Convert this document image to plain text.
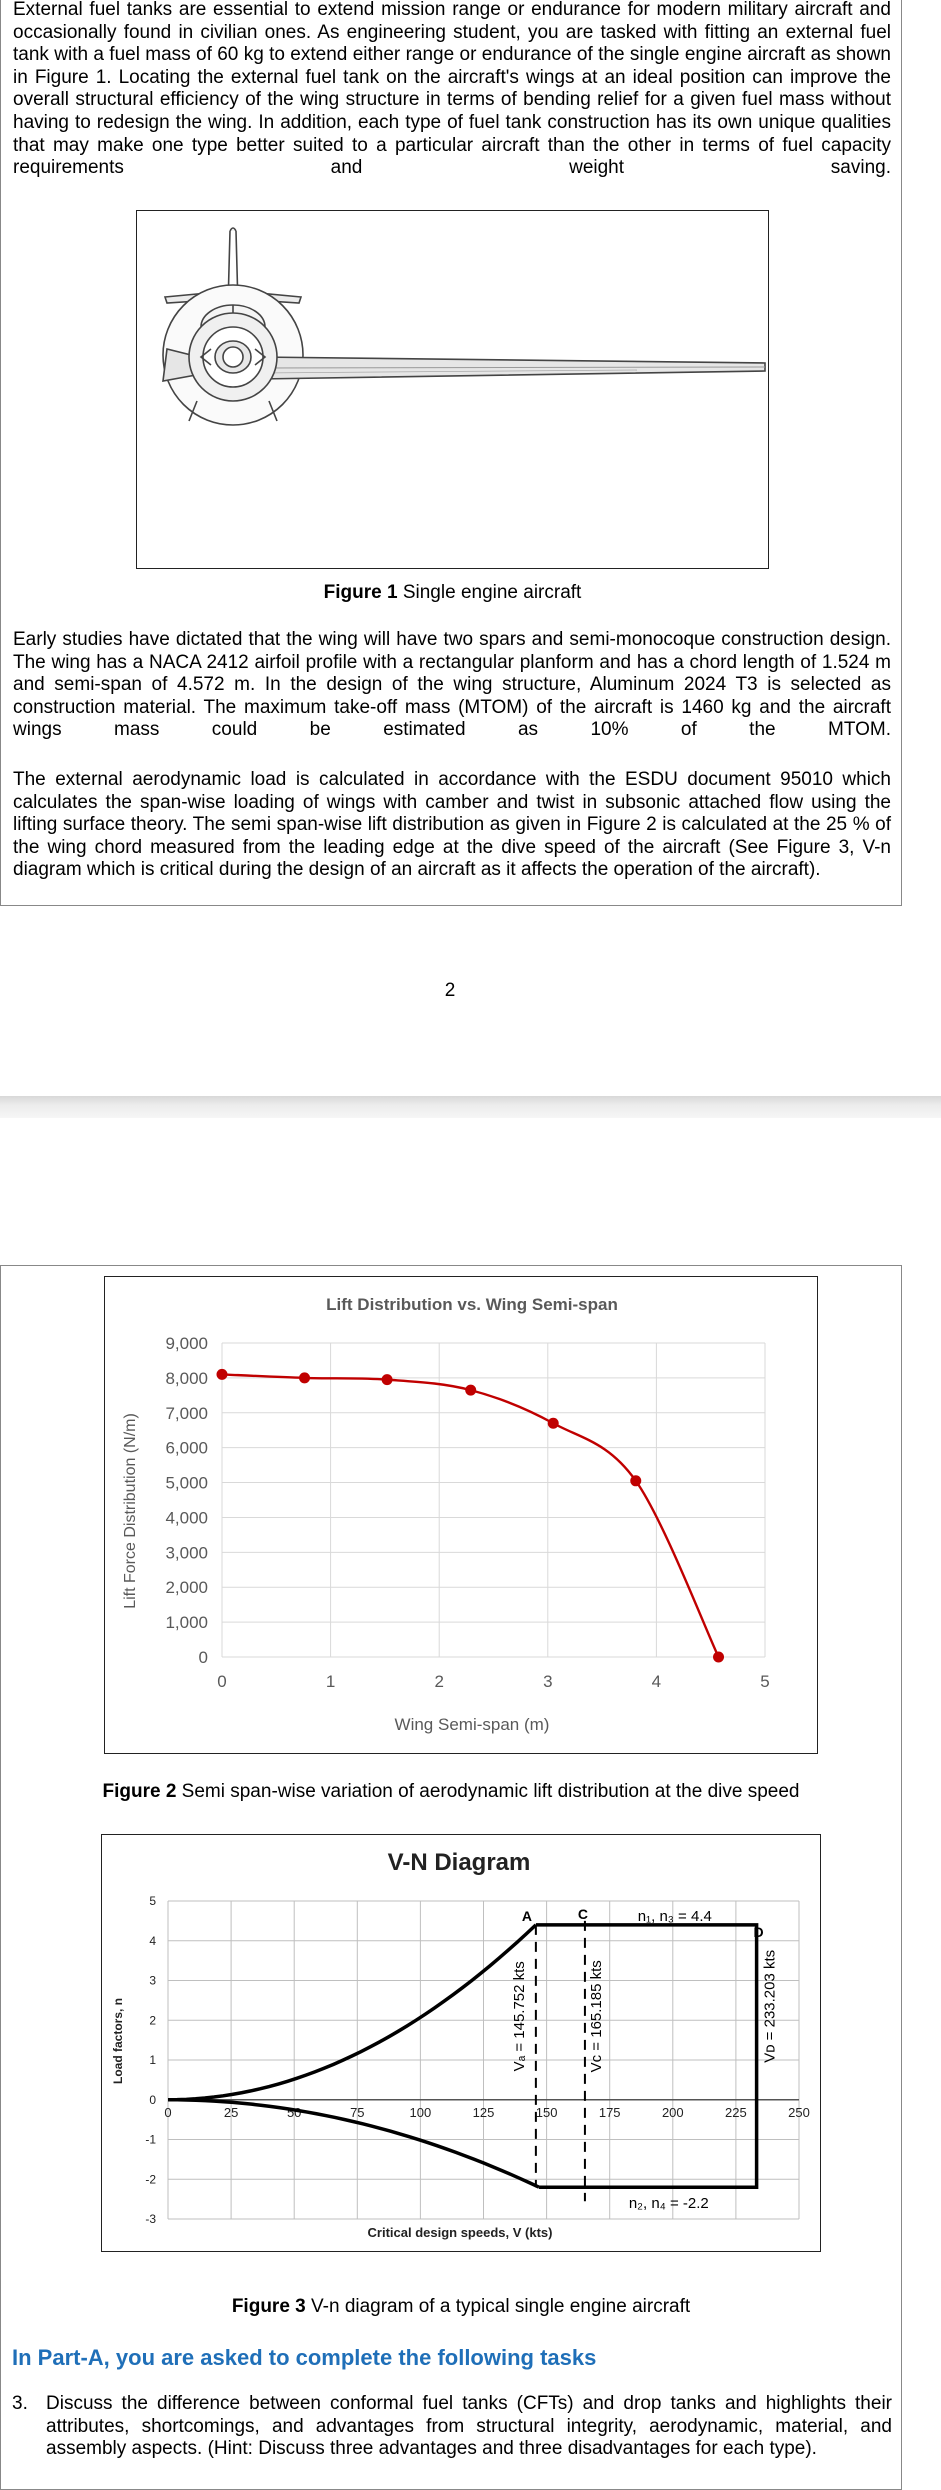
External fuel tanks are essential to extend mission range or endurance for modern military aircraft and occasionally found in civilian ones. As engineering student, you are tasked with fitting an external fuel tank with a fuel mass of 60 kg to extend either range or endurance of the single engine aircraft as shown in Figure 1. Locating the external fuel tank on the aircraft's wings at an ideal position can improve the overall structural efficiency of the wing structure in terms of bending relief for a given fuel mass without having to redesign the wing. In addition, each type of fuel tank construction has its own unique qualities that may make one type better suited to a particular aircraft than the other in terms of fuel capacity requirements and weight saving.

Figure 1 Single engine aircraft

Early studies have dictated that the wing will have two spars and semi-monocoque construction design. The wing has a NACA 2412 airfoil profile with a rectangular planform and has a chord length of 1.524 m and semi-span of 4.572 m. In the design of the wing structure, Aluminum 2024 T3 is selected as construction material. The maximum take-off mass (MTOM) of the aircraft is 1460 kg and the aircraft wings mass could be estimated as 10% of the MTOM.

The external aerodynamic load is calculated in accordance with the ESDU document 95010 which calculates the span-wise loading of wings with camber and twist in subsonic attached flow using the lifting surface theory. The semi span-wise lift distribution as given in Figure 2 is calculated at the 25 % of the wing chord measured from the leading edge at the dive speed of the aircraft (See Figure 3, V-n diagram which is critical during the design of an aircraft as it affects the operation of the aircraft).

2
Lift Distribution vs. Wing Semi-span
0
1,000
2,000
3,000
4,000
5,000
6,000
7,000
8,000
9,000
0	1	2	3	4	5
Wing Semi-span (m)
Lift Force Distribution (N/m)
Figure 2 Semi span-wise variation of aerodynamic lift distribution at the dive speed
V-N Diagram
-3
-2
-1
0
1
2
3
4
5
0	25	50	75	100	125	150	175	200	225	250
A	C
D
n₁, n₃ = 4.4
n₂, n₄ = -2.2
Vₐ = 145.752 kts	Vc = 165.185 kts	Vᴅ = 233.203 kts
Critical design speeds, V (kts)
Load factors, n
Figure 3 V-n diagram of a typical single engine aircraft
In Part-A, you are asked to complete the following tasks
3. Discuss the difference between conformal fuel tanks (CFTs) and drop tanks and highlights their attributes, shortcomings, and advantages from structural integrity, aerodynamic, material, and assembly aspects. (Hint: Discuss three advantages and three disadvantages for each type).
